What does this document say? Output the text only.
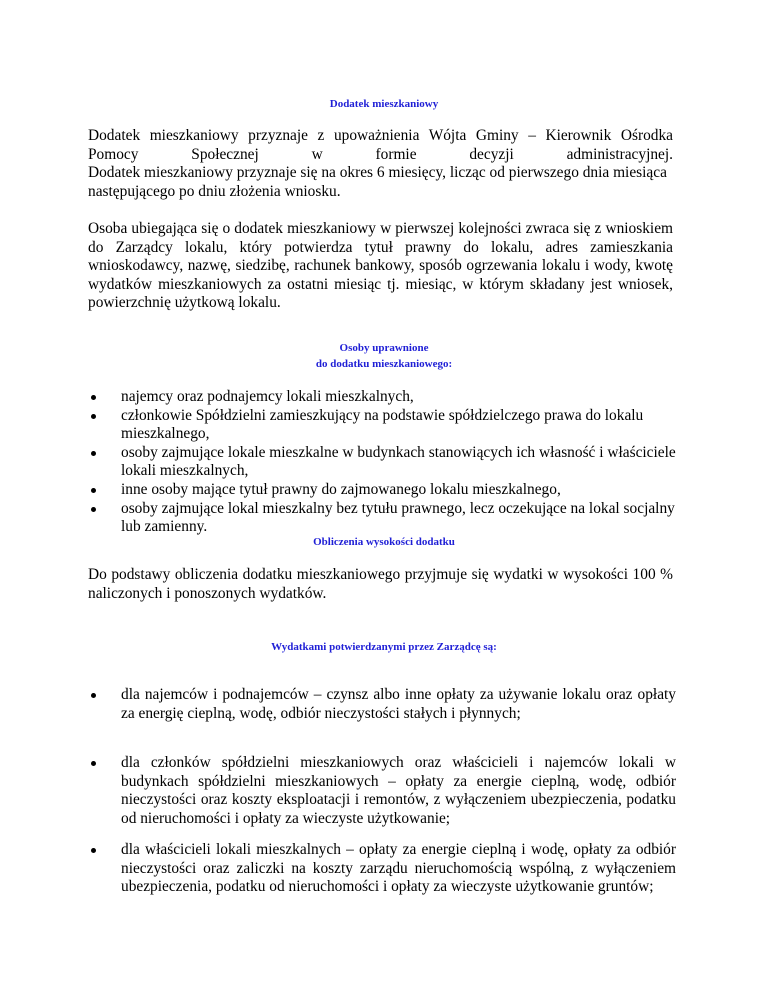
Dodatek mieszkaniowy

Dodatek mieszkaniowy przyznaje z upoważnienia Wójta Gminy – Kierownik Ośrodka
Pomocy Społecznej w formie decyzji administracyjnej.
Dodatek mieszkaniowy przyznaje się na okres 6 miesięcy, licząc od pierwszego dnia miesiąca
następującego po dniu złożenia wniosku.

Osoba ubiegająca się o dodatek mieszkaniowy w pierwszej kolejności zwraca się z wnioskiem do Zarządcy lokalu, który potwierdza tytuł prawny do lokalu, adres zamieszkania wnioskodawcy, nazwę, siedzibę, rachunek bankowy, sposób ogrzewania lokalu i wody, kwotę wydatków mieszkaniowych za ostatni miesiąc tj. miesiąc, w którym składany jest wniosek, powierzchnię użytkową lokalu.

Osoby uprawnione

do dodatku mieszkaniowego:

najemcy oraz podnajemcy lokali mieszkalnych,
członkowie Spółdzielni zamieszkujący na podstawie spółdzielczego prawa do lokalu mieszkalnego,
osoby zajmujące lokale mieszkalne w budynkach stanowiących ich własność i właściciele lokali mieszkalnych,
inne osoby mające tytuł prawny do zajmowanego lokalu mieszkalnego,
osoby zajmujące lokal mieszkalny bez tytułu prawnego, lecz oczekujące na lokal socjalny lub zamienny.

Obliczenia wysokości dodatku

Do podstawy obliczenia dodatku mieszkaniowego przyjmuje się wydatki w wysokości 100 % naliczonych i ponoszonych wydatków.

Wydatkami potwierdzanymi przez Zarządcę są:

dla najemców i podnajemców – czynsz albo inne opłaty za używanie lokalu oraz opłaty za energię cieplną, wodę, odbiór nieczystości stałych i płynnych;
dla członków spółdzielni mieszkaniowych oraz właścicieli i najemców lokali w budynkach spółdzielni mieszkaniowych – opłaty za energie cieplną, wodę, odbiór nieczystości oraz koszty eksploatacji i remontów, z wyłączeniem ubezpieczenia, podatku od nieruchomości i opłaty za wieczyste użytkowanie;
dla właścicieli lokali mieszkalnych – opłaty za energie cieplną i wodę, opłaty za odbiór nieczystości oraz zaliczki na koszty zarządu nieruchomością wspólną, z wyłączeniem ubezpieczenia, podatku od nieruchomości i opłaty za wieczyste użytkowanie gruntów;
